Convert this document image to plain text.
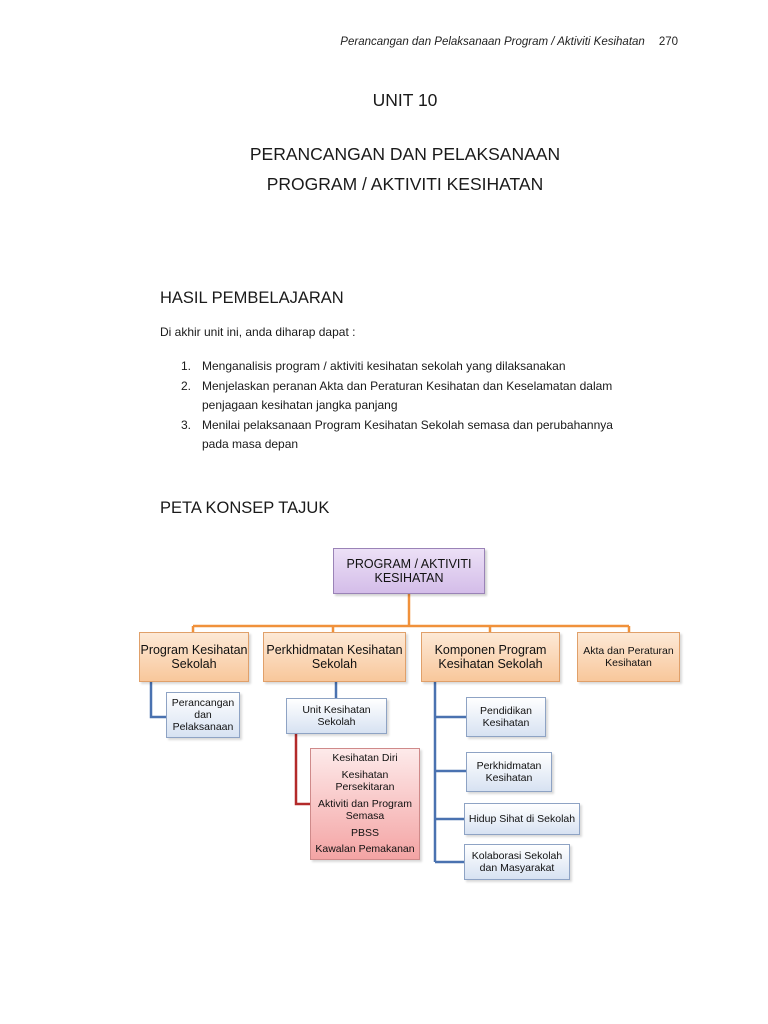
Perancangan dan Pelaksanaan Program / Aktiviti Kesihatan 270
UNIT 10
PERANCANGAN DAN PELAKSANAAN
PROGRAM / AKTIVITI KESIHATAN
HASIL PEMBELAJARAN
Di akhir unit ini, anda diharap dapat :
1. Menganalisis program / aktiviti kesihatan sekolah yang dilaksanakan
2. Menjelaskan peranan Akta dan Peraturan Kesihatan dan Keselamatan dalam penjagaan kesihatan jangka panjang
3. Menilai pelaksanaan Program Kesihatan Sekolah semasa dan perubahannya pada masa depan
PETA KONSEP TAJUK
PROGRAM / AKTIVITI KESIHATAN
Program Kesihatan Sekolah
Perkhidmatan Kesihatan Sekolah
Komponen Program Kesihatan Sekolah
Akta dan Peraturan Kesihatan
Perancangan dan Pelaksanaan
Unit Kesihatan Sekolah
Kesihatan Diri
Kesihatan Persekitaran
Aktiviti dan Program Semasa
PBSS
Kawalan Pemakanan
Pendidikan Kesihatan
Perkhidmatan Kesihatan
Hidup Sihat di Sekolah
Kolaborasi Sekolah dan Masyarakat
